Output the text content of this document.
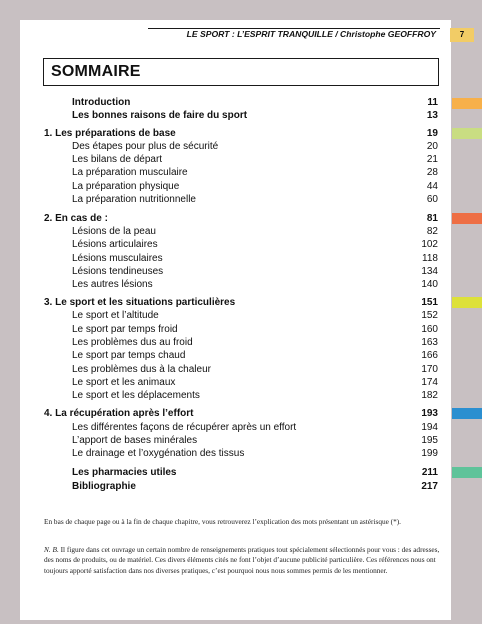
LE SPORT : L’ESPRIT TRANQUILLE / Christophe GEOFFROY	7
SOMMAIRE
Introduction	11
Les bonnes raisons de faire du sport	13
1. Les préparations de base	19
Des étapes pour plus de sécurité	20
Les bilans de départ	21
La préparation musculaire	28
La préparation physique	44
La préparation nutritionnelle	60
2. En cas de :	81
Lésions de la peau	82
Lésions articulaires	102
Lésions musculaires	118
Lésions tendineuses	134
Les autres lésions	140
3. Le sport et les situations particulières	151
Le sport et l’altitude	152
Le sport par temps froid	160
Les problèmes dus au froid	163
Le sport par temps chaud	166
Les problèmes dus à la chaleur	170
Le sport et les animaux	174
Le sport et les déplacements	182
4. La récupération après l’effort	193
Les différentes façons de récupérer après un effort	194
L’apport de bases minérales	195
Le drainage et l’oxygénation des tissus	199
Les pharmacies utiles	211
Bibliographie	217
En bas de chaque page ou à la fin de chaque chapitre, vous retrouverez l’explication des mots présentant un astérisque (*).
N. B. Il figure dans cet ouvrage un certain nombre de renseignements pratiques tout spécialement sélectionnés pour vous : des adresses, des noms de produits, ou de matériel. Ces divers éléments cités ne font l’objet d’aucune publicité particulière. Ces références nous ont toujours apporté satisfaction dans nos diverses pratiques, c’est pourquoi nous nous sommes permis de les mentionner.
